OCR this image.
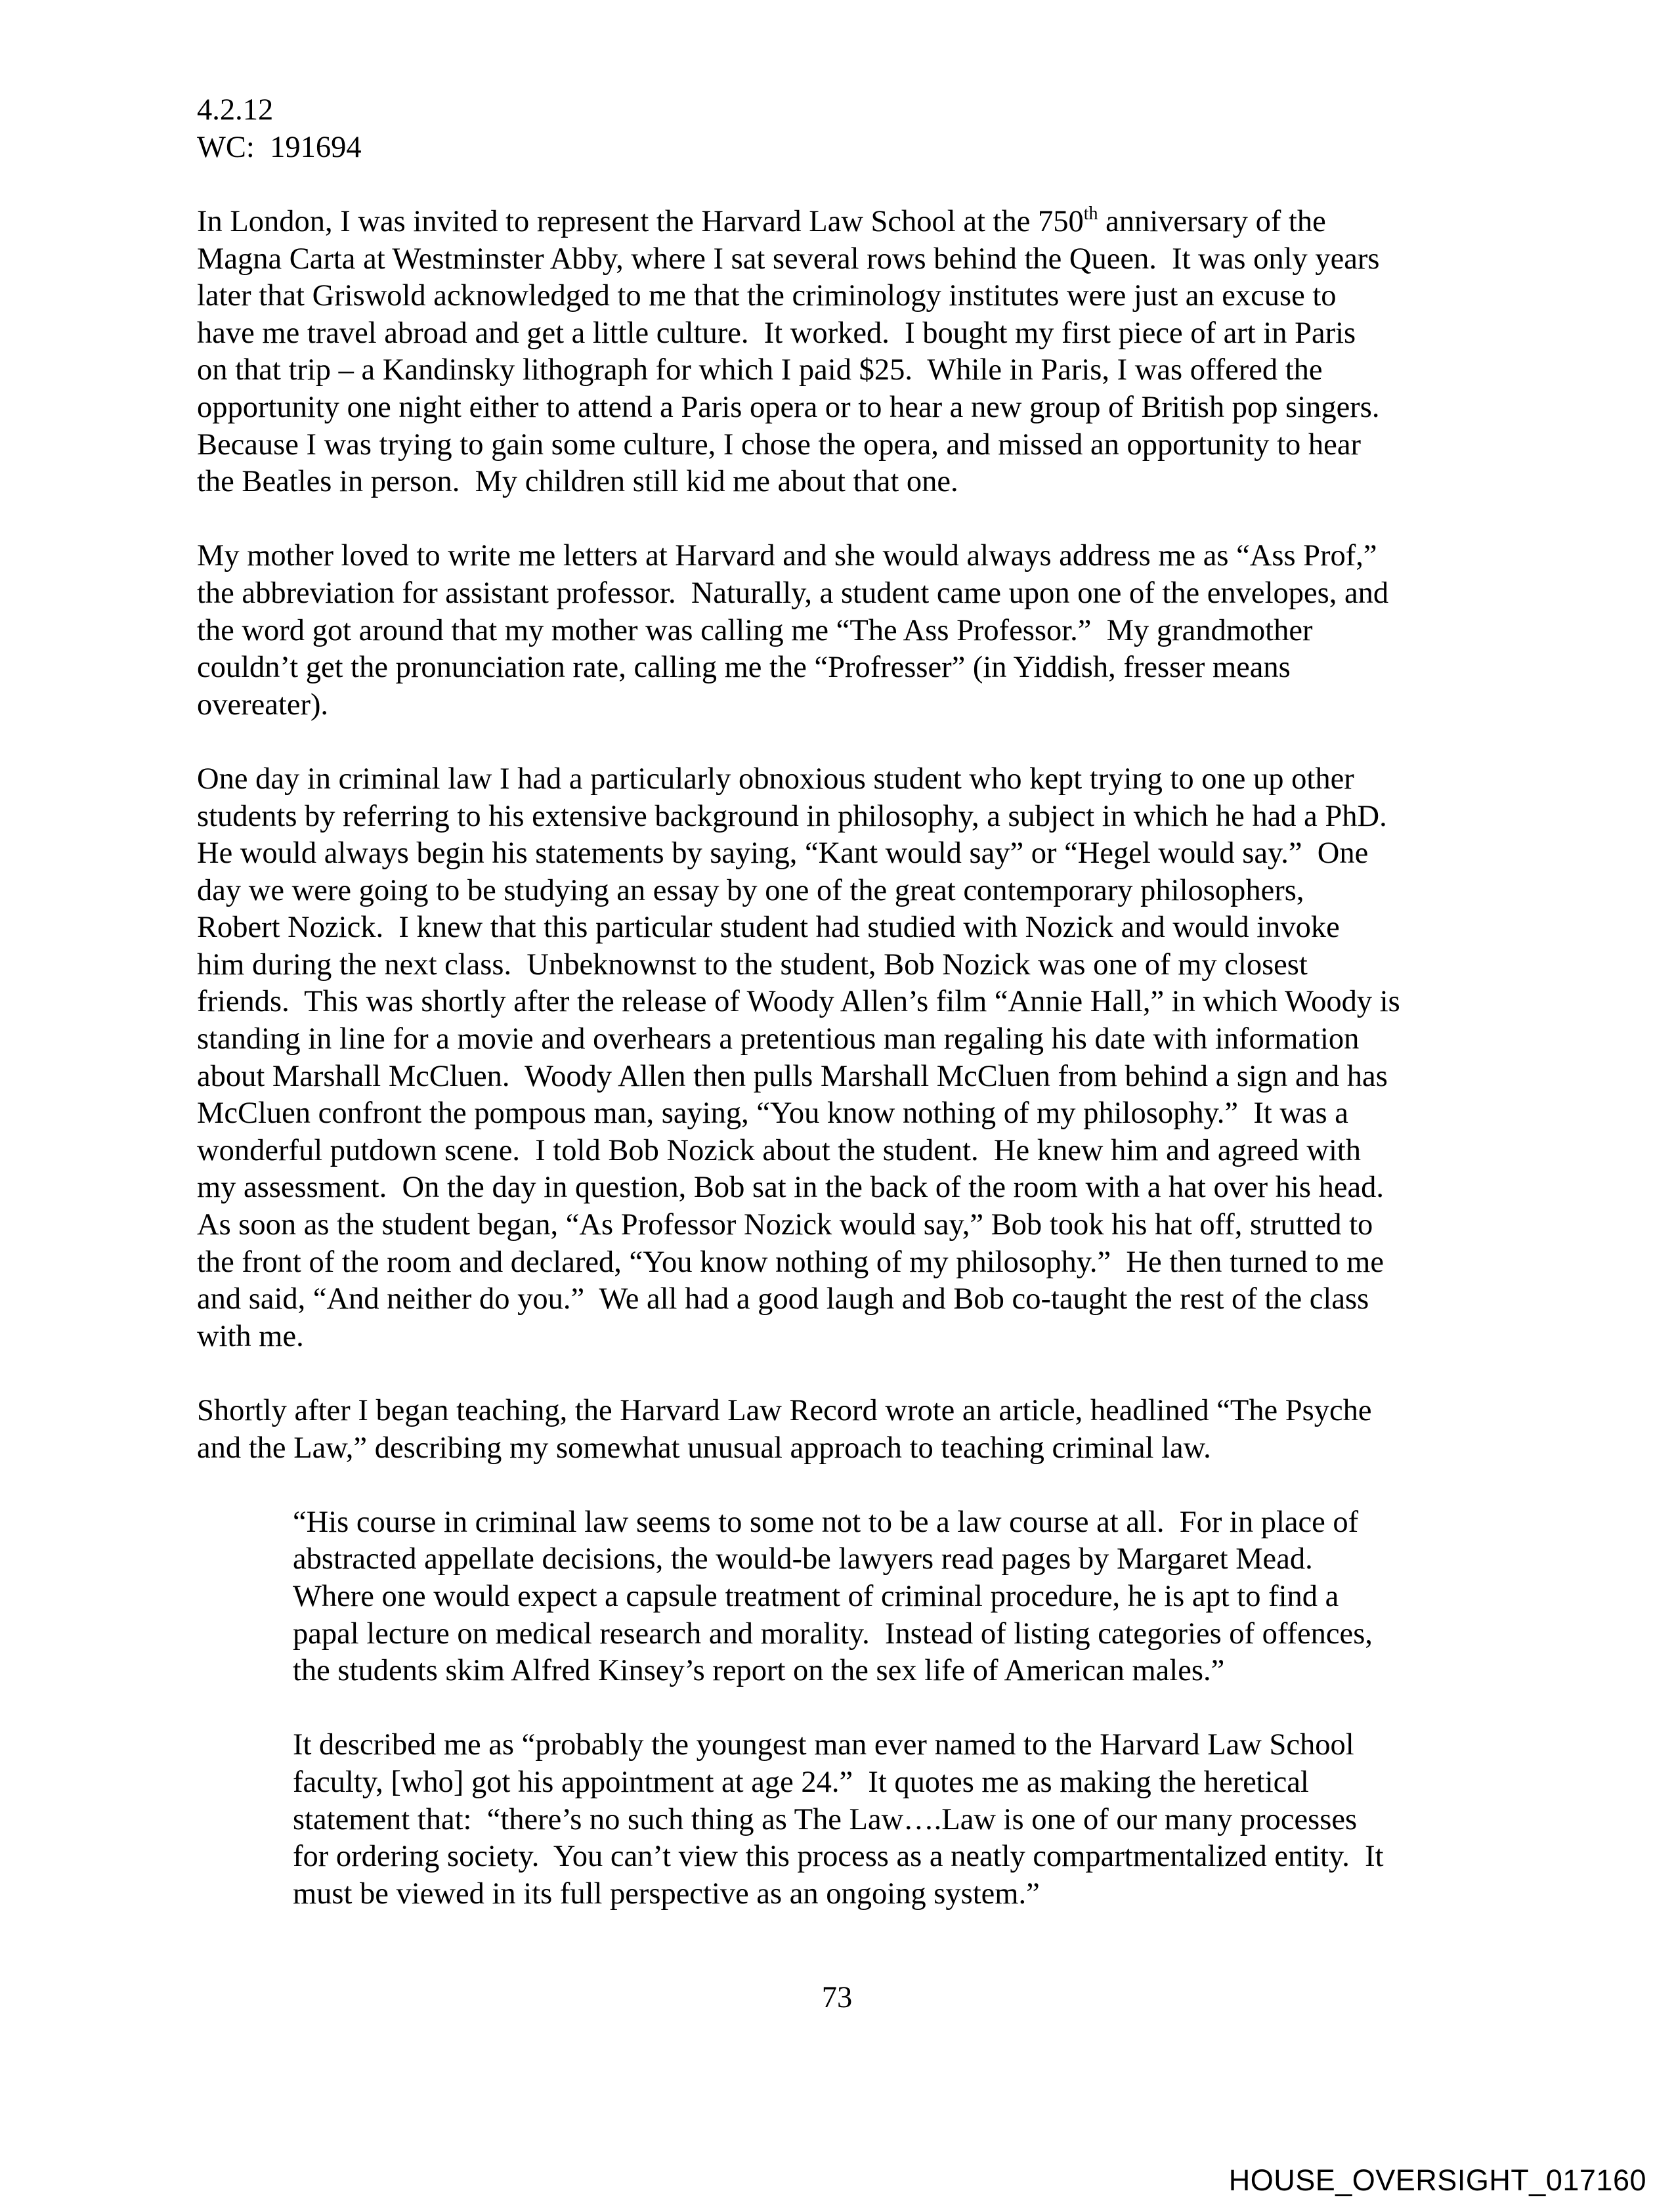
4.2.12
WC:  191694

In London, I was invited to represent the Harvard Law School at the 750th anniversary of the
Magna Carta at Westminster Abby, where I sat several rows behind the Queen.  It was only years
later that Griswold acknowledged to me that the criminology institutes were just an excuse to
have me travel abroad and get a little culture.  It worked.  I bought my first piece of art in Paris
on that trip – a Kandinsky lithograph for which I paid $25.  While in Paris, I was offered the
opportunity one night either to attend a Paris opera or to hear a new group of British pop singers.
Because I was trying to gain some culture, I chose the opera, and missed an opportunity to hear
the Beatles in person.  My children still kid me about that one.

My mother loved to write me letters at Harvard and she would always address me as “Ass Prof,”
the abbreviation for assistant professor.  Naturally, a student came upon one of the envelopes, and
the word got around that my mother was calling me “The Ass Professor.”  My grandmother
couldn’t get the pronunciation rate, calling me the “Profresser” (in Yiddish, fresser means
overeater).

One day in criminal law I had a particularly obnoxious student who kept trying to one up other
students by referring to his extensive background in philosophy, a subject in which he had a PhD.
He would always begin his statements by saying, “Kant would say” or “Hegel would say.”  One
day we were going to be studying an essay by one of the great contemporary philosophers,
Robert Nozick.  I knew that this particular student had studied with Nozick and would invoke
him during the next class.  Unbeknownst to the student, Bob Nozick was one of my closest
friends.  This was shortly after the release of Woody Allen’s film “Annie Hall,” in which Woody is
standing in line for a movie and overhears a pretentious man regaling his date with information
about Marshall McCluen.  Woody Allen then pulls Marshall McCluen from behind a sign and has
McCluen confront the pompous man, saying, “You know nothing of my philosophy.”  It was a
wonderful putdown scene.  I told Bob Nozick about the student.  He knew him and agreed with
my assessment.  On the day in question, Bob sat in the back of the room with a hat over his head.
As soon as the student began, “As Professor Nozick would say,” Bob took his hat off, strutted to
the front of the room and declared, “You know nothing of my philosophy.”  He then turned to me
and said, “And neither do you.”  We all had a good laugh and Bob co-taught the rest of the class
with me.

Shortly after I began teaching, the Harvard Law Record wrote an article, headlined “The Psyche
and the Law,” describing my somewhat unusual approach to teaching criminal law.

“His course in criminal law seems to some not to be a law course at all.  For in place of
abstracted appellate decisions, the would-be lawyers read pages by Margaret Mead.
Where one would expect a capsule treatment of criminal procedure, he is apt to find a
papal lecture on medical research and morality.  Instead of listing categories of offences,
the students skim Alfred Kinsey’s report on the sex life of American males.”
It described me as “probably the youngest man ever named to the Harvard Law School
faculty, [who] got his appointment at age 24.”  It quotes me as making the heretical
statement that:  “there’s no such thing as The Law….Law is one of our many processes
for ordering society.  You can’t view this process as a neatly compartmentalized entity.  It
must be viewed in its full perspective as an ongoing system.”
73
HOUSE_OVERSIGHT_017160
